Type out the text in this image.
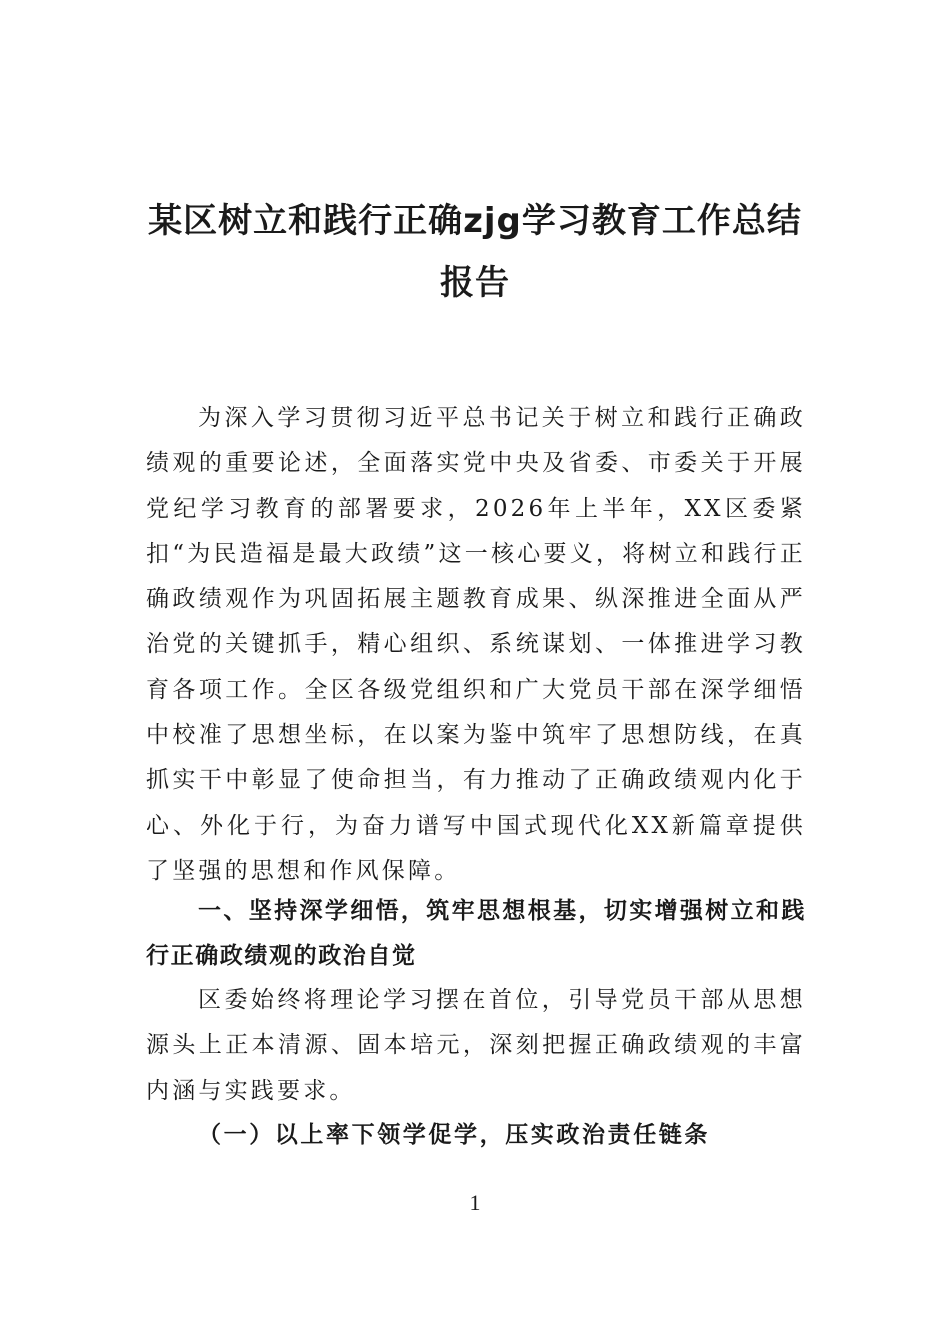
某区树立和践行正确zjg学习教育工作总结
报告

为深入学习贯彻习近平总书记关于树立和践行正确政绩观的重要论述，全面落实党中央及省委、市委关于开展党纪学习教育的部署要求，2026年上半年，XX区委紧扣“为民造福是最大政绩”这一核心要义，将树立和践行正确政绩观作为巩固拓展主题教育成果、纵深推进全面从严治党的关键抓手，精心组织、系统谋划、一体推进学习教育各项工作。全区各级党组织和广大党员干部在深学细悟中校准了思想坐标，在以案为鉴中筑牢了思想防线，在真抓实干中彰显了使命担当，有力推动了正确政绩观内化于心、外化于行，为奋力谱写中国式现代化XX新篇章提供了坚强的思想和作风保障。

一、坚持深学细悟，筑牢思想根基，切实增强树立和践行正确政绩观的政治自觉

区委始终将理论学习摆在首位，引导党员干部从思想源头上正本清源、固本培元，深刻把握正确政绩观的丰富内涵与实践要求。

（一）以上率下领学促学，压实政治责任链条
1
